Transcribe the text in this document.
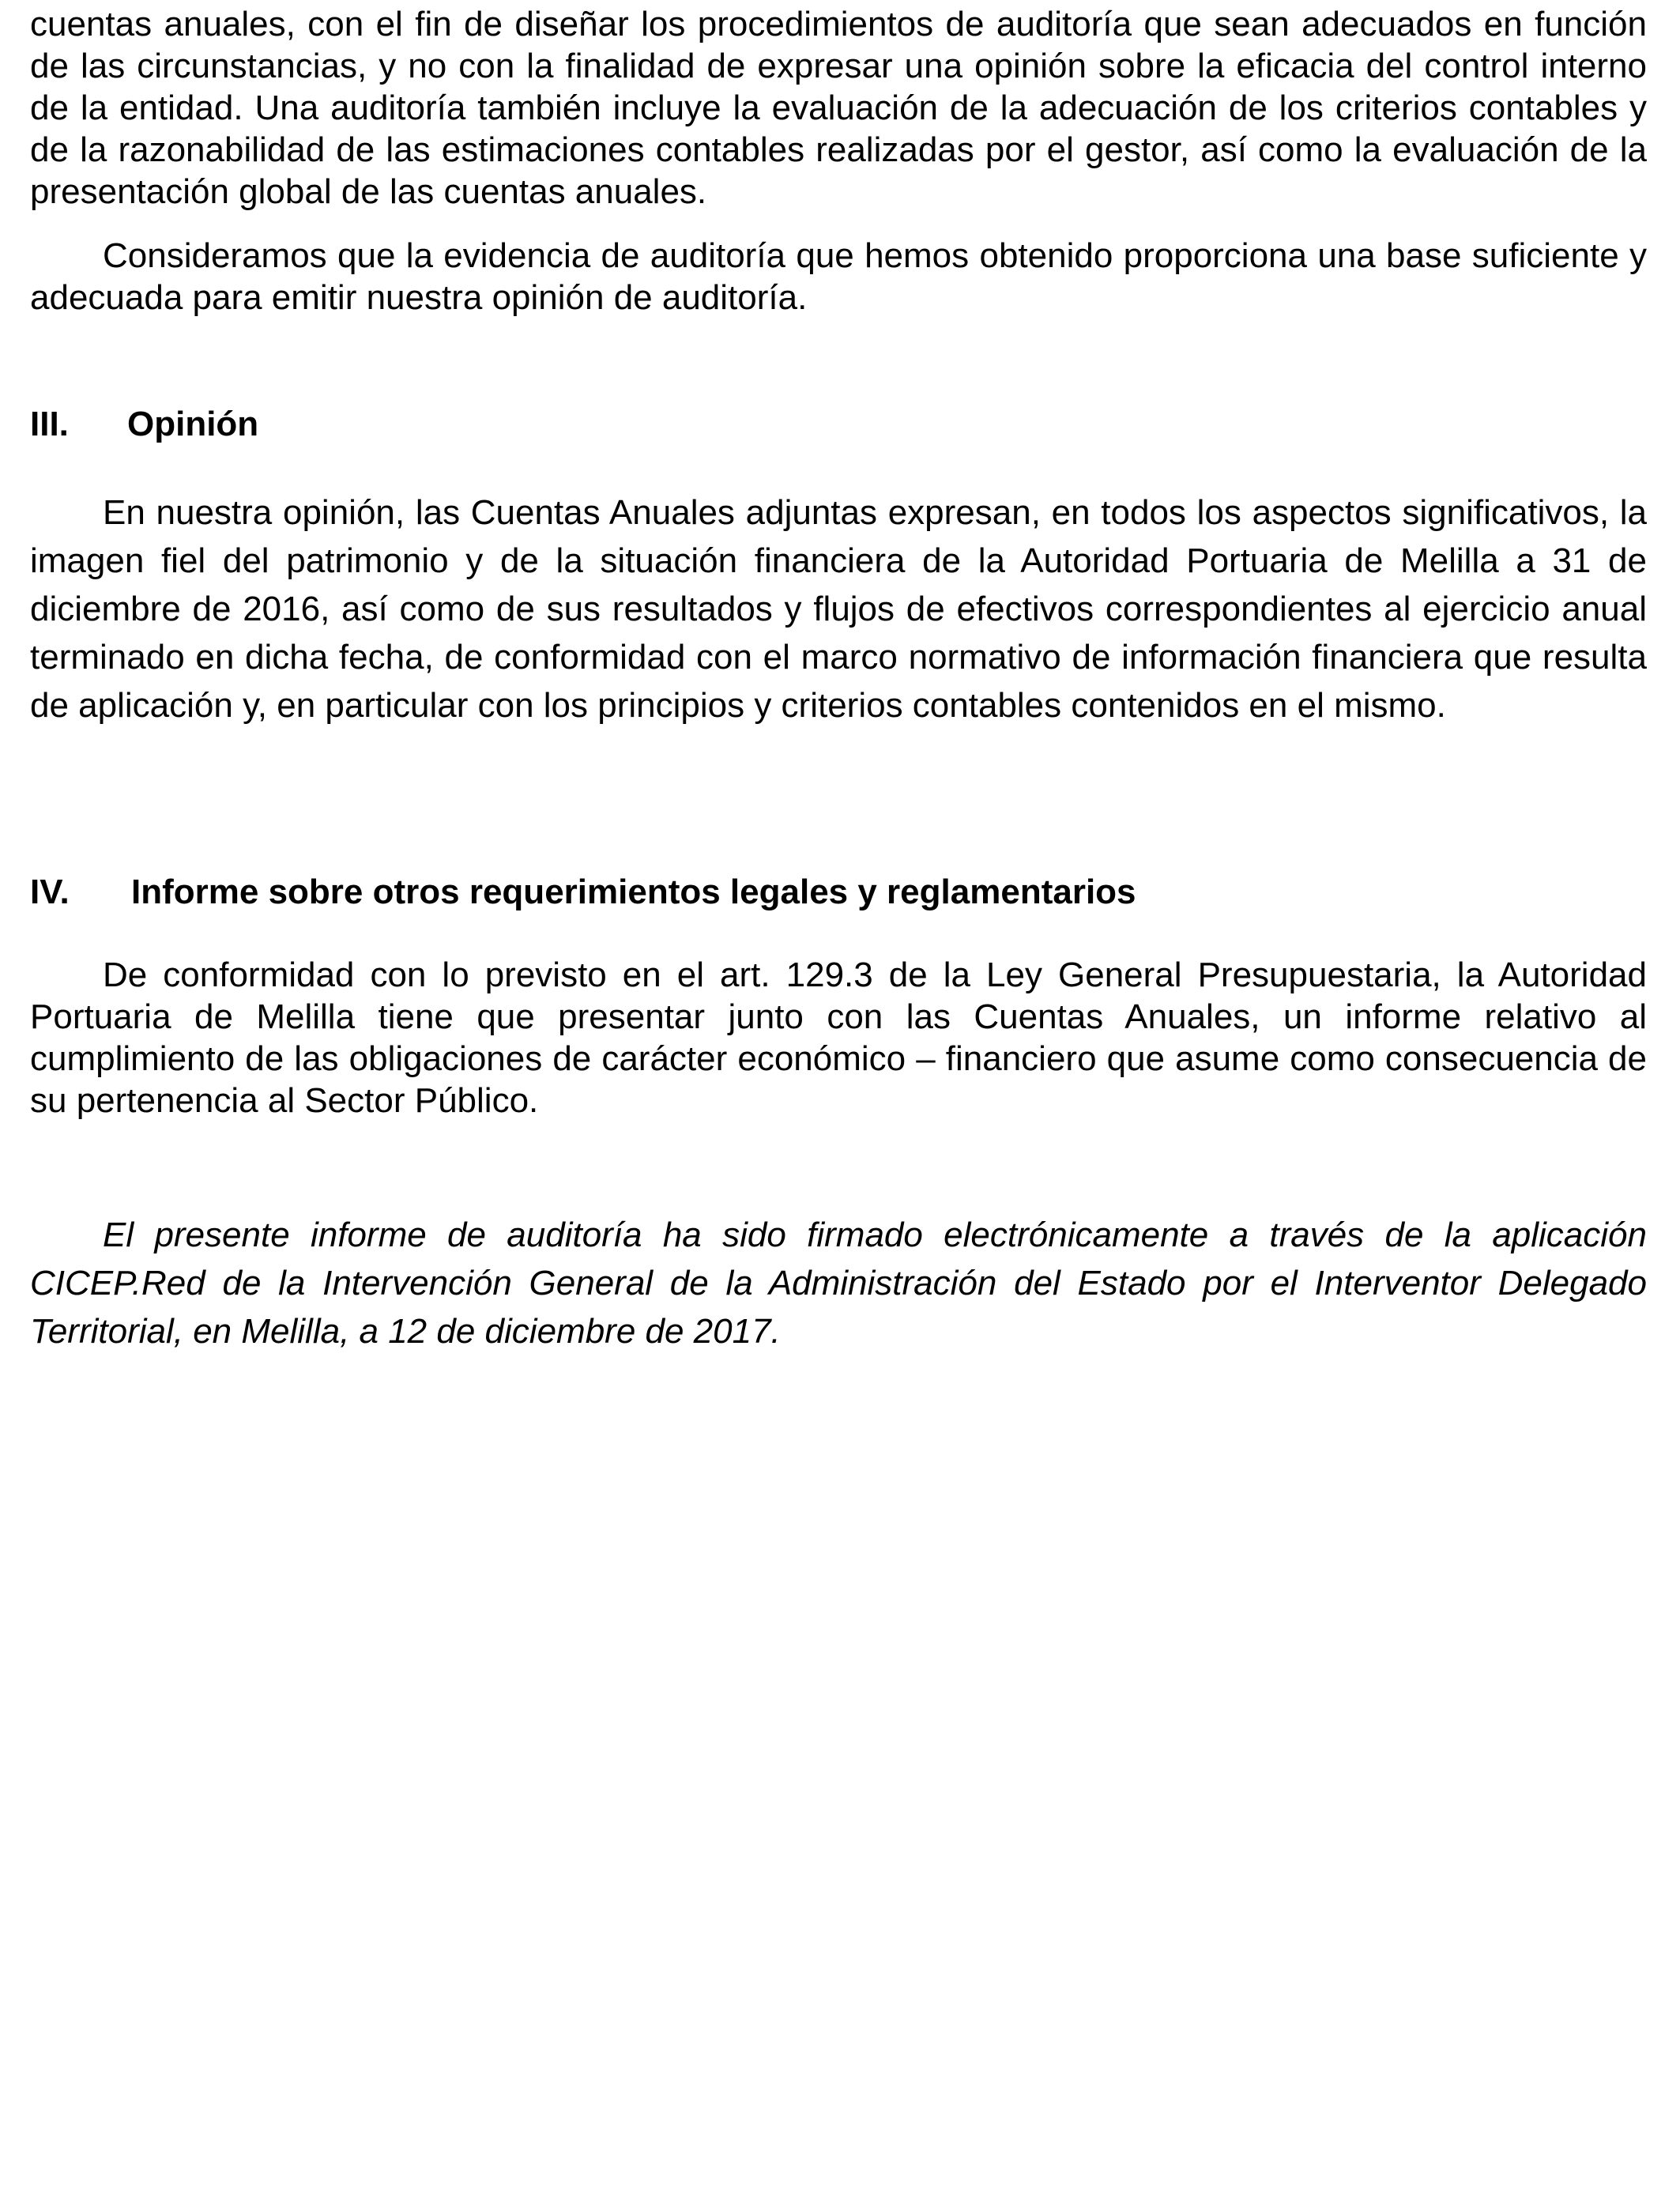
cuentas anuales, con el fin de diseñar los procedimientos de auditoría que sean adecuados en función de las circunstancias, y no con la finalidad de expresar una opinión sobre la eficacia del control interno de la entidad. Una auditoría también incluye la evaluación de la adecuación de los criterios contables y de la razonabilidad de las estimaciones contables realizadas por el gestor, así como la evaluación de la presentación global de las cuentas anuales.

Consideramos que la evidencia de auditoría que hemos obtenido proporciona una base suficiente y adecuada para emitir nuestra opinión de auditoría.

III. Opinión

En nuestra opinión, las Cuentas Anuales adjuntas expresan, en todos los aspectos significativos, la imagen fiel del patrimonio y de la situación financiera de la Autoridad Portuaria de Melilla a 31 de diciembre de 2016, así como de sus resultados y flujos de efectivos correspondientes al ejercicio anual terminado en dicha fecha, de conformidad con el marco normativo de información financiera que resulta de aplicación y, en particular con los principios y criterios contables contenidos en el mismo.

IV. Informe sobre otros requerimientos legales y reglamentarios

De conformidad con lo previsto en el art. 129.3 de la Ley General Presupuestaria, la Autoridad Portuaria de Melilla tiene que presentar junto con las Cuentas Anuales, un informe relativo al cumplimiento de las obligaciones de carácter económico – financiero que asume como consecuencia de su pertenencia al Sector Público.

El presente informe de auditoría ha sido firmado electrónicamente a través de la aplicación CICEP.Red de la Intervención General de la Administración del Estado por el Interventor Delegado Territorial, en Melilla, a 12 de diciembre de 2017.
